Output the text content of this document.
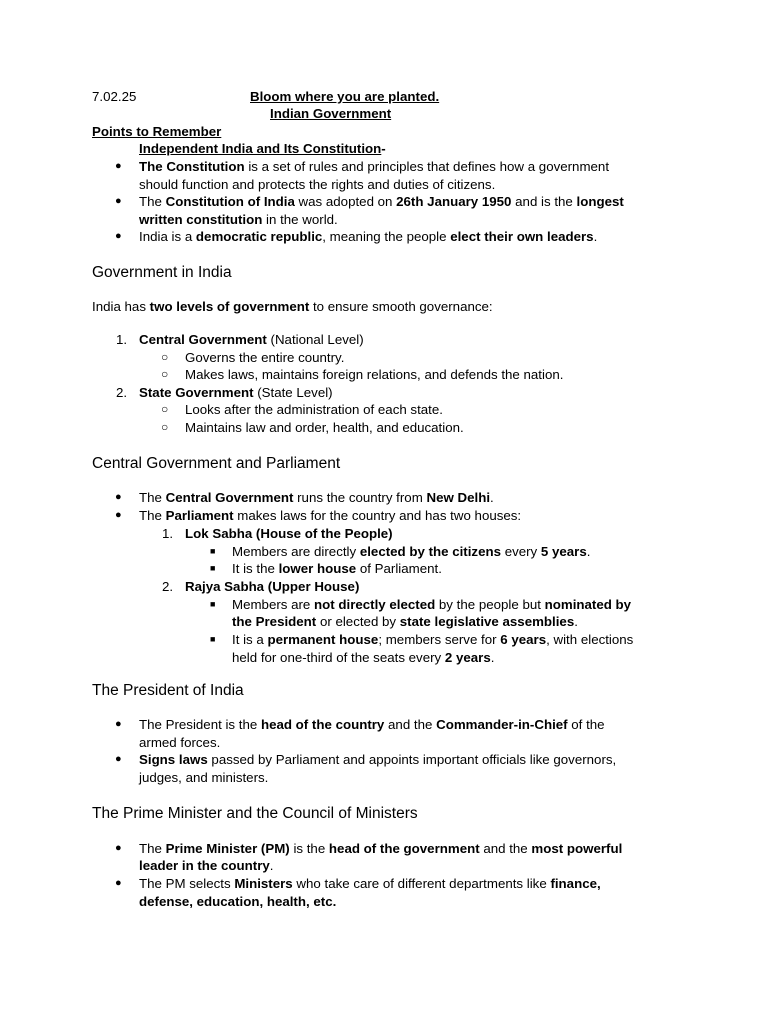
7.02.25	Bloom where you are planted.
Indian Government
Points to Remember
Independent India and Its Constitution-
● The Constitution is a set of rules and principles that defines how a government
should function and protects the rights and duties of citizens.
● The Constitution of India was adopted on 26th January 1950 and is the longest
written constitution in the world.
● India is a democratic republic, meaning the people elect their own leaders.
Government in India
India has two levels of government to ensure smooth governance:
1. Central Government (National Level)
○ Governs the entire country.
○ Makes laws, maintains foreign relations, and defends the nation.
2. State Government (State Level)
○ Looks after the administration of each state.
○ Maintains law and order, health, and education.
Central Government and Parliament
● The Central Government runs the country from New Delhi.
● The Parliament makes laws for the country and has two houses:
1. Lok Sabha (House of the People)
■ Members are directly elected by the citizens every 5 years.
■ It is the lower house of Parliament.
2. Rajya Sabha (Upper House)
■ Members are not directly elected by the people but nominated by
the President or elected by state legislative assemblies.
■ It is a permanent house; members serve for 6 years, with elections
held for one-third of the seats every 2 years.
The President of India
● The President is the head of the country and the Commander-in-Chief of the
armed forces.
● Signs laws passed by Parliament and appoints important officials like governors,
judges, and ministers.
The Prime Minister and the Council of Ministers
● The Prime Minister (PM) is the head of the government and the most powerful
leader in the country.
● The PM selects Ministers who take care of different departments like finance,
defense, education, health, etc.
